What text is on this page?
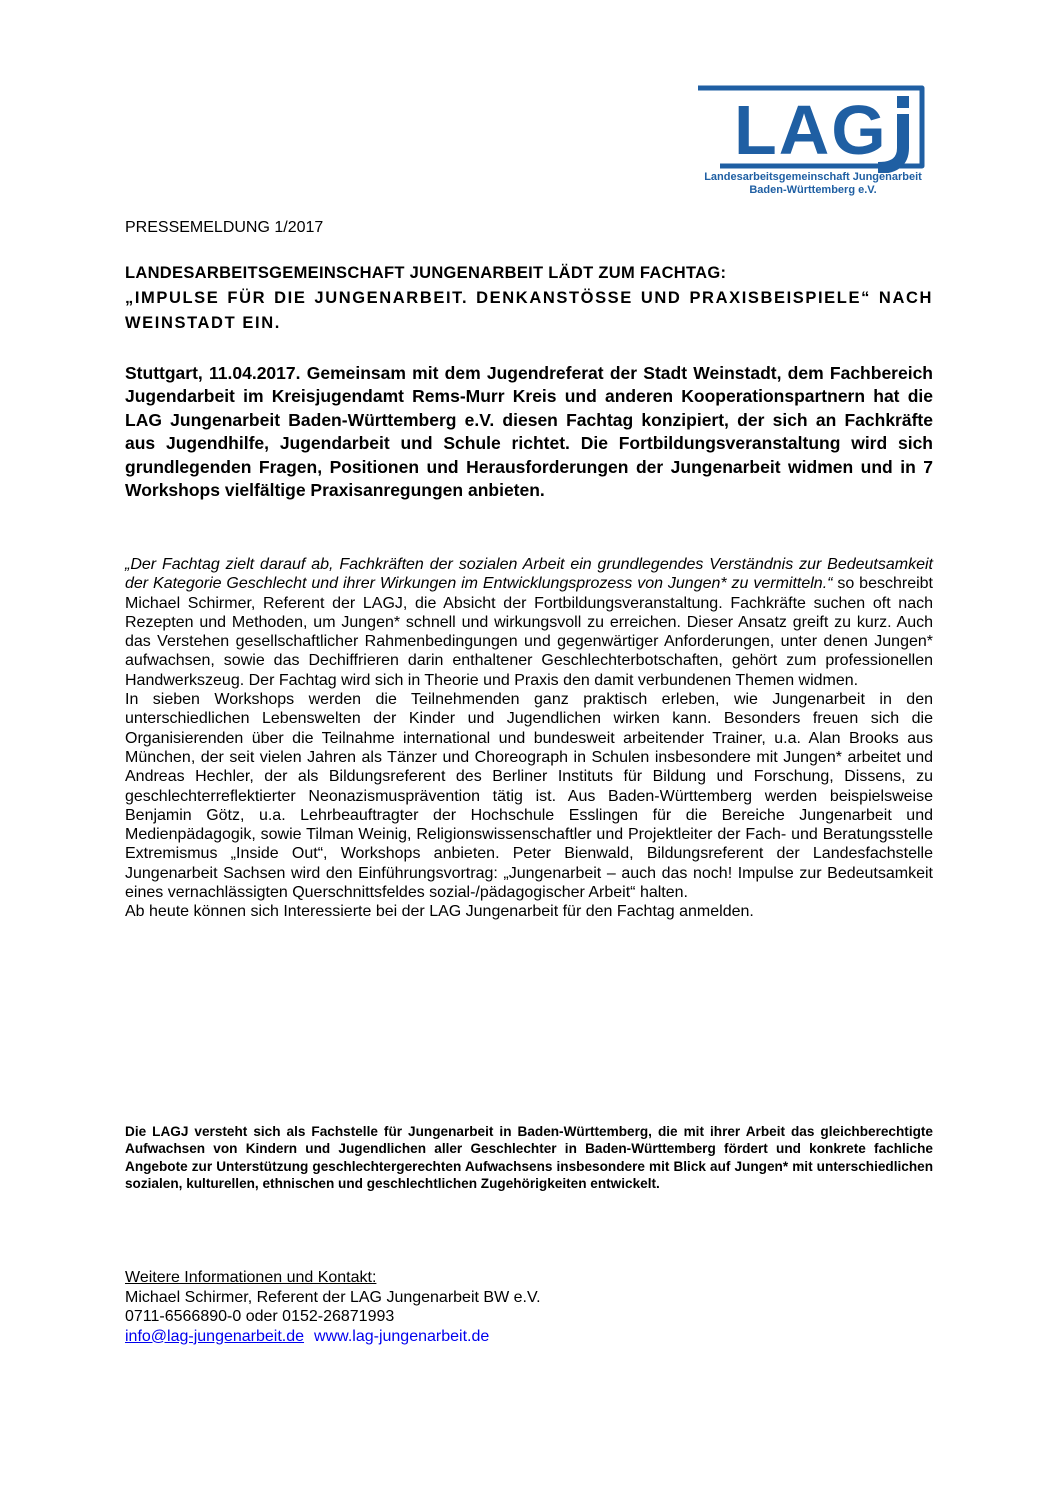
LAG
Landesarbeitsgemeinschaft Jungenarbeit
Baden-Württemberg e.V.
PRESSEMELDUNG 1/2017
LANDESARBEITSGEMEINSCHAFT JUNGENARBEIT LÄDT ZUM FACHTAG:
„IMPULSE FÜR DIE JUNGENARBEIT. DENKANSTÖSSE UND PRAXISBEISPIELE“ NACH WEINSTADT EIN.
Stuttgart, 11.04.2017. Gemeinsam mit dem Jugendreferat der Stadt Weinstadt, dem Fachbereich Jugendarbeit im Kreisjugendamt Rems-Murr Kreis und anderen Kooperationspartnern hat die LAG Jungenarbeit Baden-Württemberg e.V. diesen Fachtag konzipiert, der sich an Fachkräfte aus Jugendhilfe, Jugendarbeit und Schule richtet. Die Fortbildungsveranstaltung wird sich grundlegenden Fragen, Positionen und Herausforderungen der Jungenarbeit widmen und in 7 Workshops vielfältige Praxisanregungen anbieten.

„Der Fachtag zielt darauf ab, Fachkräften der sozialen Arbeit ein grundlegendes Verständnis zur Bedeutsamkeit der Kategorie Geschlecht und ihrer Wirkungen im Entwicklungsprozess von Jungen* zu vermitteln.“ so beschreibt Michael Schirmer, Referent der LAGJ, die Absicht der Fortbildungsveranstaltung. Fachkräfte suchen oft nach Rezepten und Methoden, um Jungen* schnell und wirkungsvoll zu erreichen. Dieser Ansatz greift zu kurz. Auch das Verstehen gesellschaftlicher Rahmenbedingungen und gegenwärtiger Anforderungen, unter denen Jungen* aufwachsen, sowie das Dechiffrieren darin enthaltener Geschlechterbotschaften, gehört zum professionellen Handwerkszeug. Der Fachtag wird sich in Theorie und Praxis den damit verbundenen Themen widmen.

In sieben Workshops werden die Teilnehmenden ganz praktisch erleben, wie Jungenarbeit in den unterschiedlichen Lebenswelten der Kinder und Jugendlichen wirken kann. Besonders freuen sich die Organisierenden über die Teilnahme international und bundesweit arbeitender Trainer, u.a. Alan Brooks aus München, der seit vielen Jahren als Tänzer und Choreograph in Schulen insbesondere mit Jungen* arbeitet und Andreas Hechler, der als Bildungsreferent des Berliner Instituts für Bildung und Forschung, Dissens, zu geschlechterreflektierter Neonazismusprävention tätig ist. Aus Baden-Württemberg werden beispielsweise Benjamin Götz, u.a. Lehrbeauftragter der Hochschule Esslingen für die Bereiche Jungenarbeit und Medienpädagogik, sowie Tilman Weinig, Religionswissenschaftler und Projektleiter der Fach- und Beratungsstelle Extremismus „Inside Out“, Workshops anbieten. Peter Bienwald, Bildungsreferent der Landesfachstelle Jungenarbeit Sachsen wird den Einführungsvortrag: „Jungenarbeit – auch das noch! Impulse zur Bedeutsamkeit eines vernachlässigten Querschnittsfeldes sozial-/pädagogischer Arbeit“ halten.

Ab heute können sich Interessierte bei der LAG Jungenarbeit für den Fachtag anmelden.

Die LAGJ versteht sich als Fachstelle für Jungenarbeit in Baden-Württemberg, die mit ihrer Arbeit das gleichberechtigte Aufwachsen von Kindern und Jugendlichen aller Geschlechter in Baden-Württemberg fördert und konkrete fachliche Angebote zur Unterstützung geschlechtergerechten Aufwachsens insbesondere mit Blick auf Jungen* mit unterschiedlichen sozialen, kulturellen, ethnischen und geschlechtlichen Zugehörigkeiten entwickelt.
Weitere Informationen und Kontakt:
Michael Schirmer, Referent der LAG Jungenarbeit BW e.V.
0711-6566890-0 oder 0152-26871993
info@lag-jungenarbeit.de www.lag-jungenarbeit.de
